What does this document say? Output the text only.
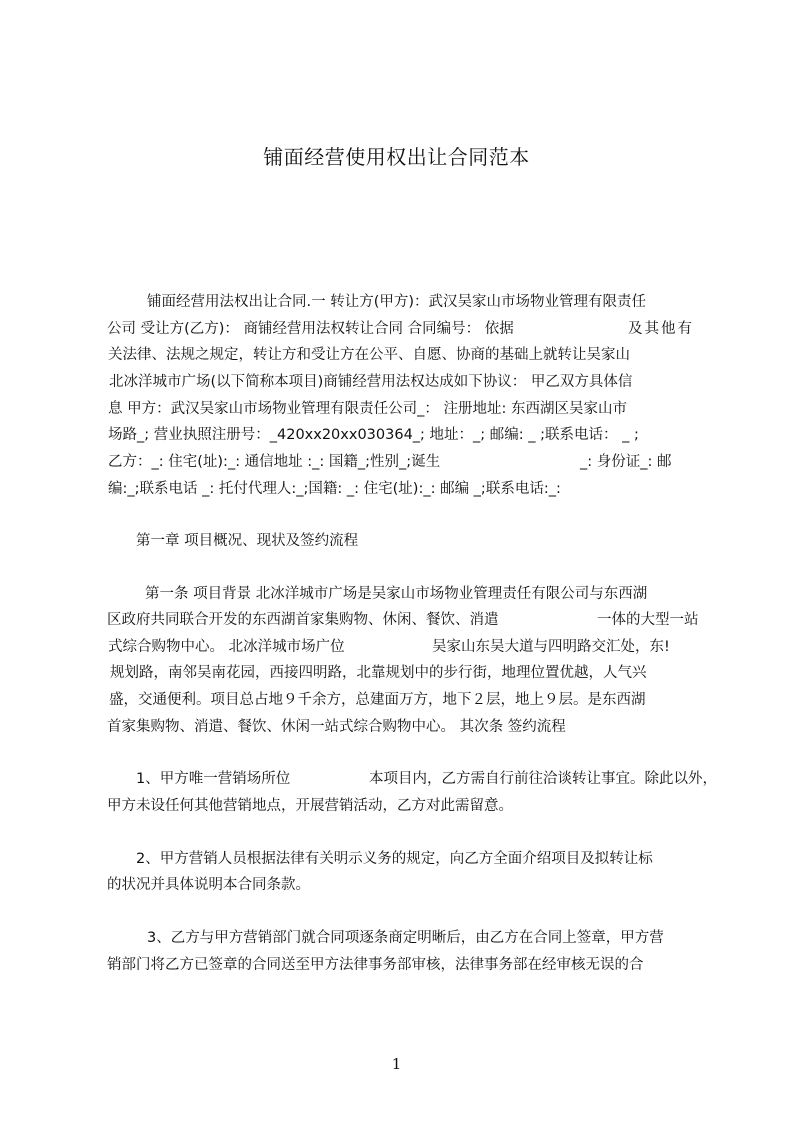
铺面经营使用权出让合同范本
铺面经营用法权出让合同.一 转让方(甲方)：武汉吴家山市场物业管理有限责任
公司 受让方(乙方)： 商铺经营用法权转让合同 合同编号： 依据	及其他有
关法律、法规之规定，转让方和受让方在公平、自愿、协商的基础上就转让吴家山
北冰洋城市广场(以下简称本项目)商铺经营用法权达成如下协议： 甲乙双方具体信
息 甲方：武汉吴家山市场物业管理有限责任公司_： 注册地址: 东西湖区吴家山市
场路_; 营业执照注册号：_420xx20xx030364_; 地址：_; 邮编: _ ;联系电话： _ ;
乙方：_: 住宅(址):_: 通信地址 :_: 国籍_;性别_;诞生	_: 身份证_: 邮
编:_;联系电话 _: 托付代理人:_;国籍: _: 住宅(址):_: 邮编 _;联系电话:_:
第一章 项目概况、现状及签约流程
第一条 项目背景 北冰洋城市广场是吴家山市场物业管理责任有限公司与东西湖
区政府共同联合开发的东西湖首家集购物、休闲、餐饮、消遣	一体的大型一站
式综合购物中心。 北冰洋城市场广位	吴家山东吴大道与四明路交汇处，东!
规划路，南邻吴南花园，西接四明路，北靠规划中的步行街，地理位置优越，人气兴
盛，交通便利。项目总占地９千余方，总建面万方，地下２层，地上９层。是东西湖
首家集购物、消遣、餐饮、休闲一站式综合购物中心。 其次条 签约流程
1、甲方唯一营销场所位	本项目内，乙方需自行前往洽谈转让事宜。除此以外，
甲方未设任何其他营销地点，开展营销活动，乙方对此需留意。
2、甲方营销人员根据法律有关明示义务的规定，向乙方全面介绍项目及拟转让标
的状况并具体说明本合同条款。
3、乙方与甲方营销部门就合同项逐条商定明晰后，由乙方在合同上签章，甲方营
销部门将乙方已签章的合同送至甲方法律事务部审核，法律事务部在经审核无误的合
1
